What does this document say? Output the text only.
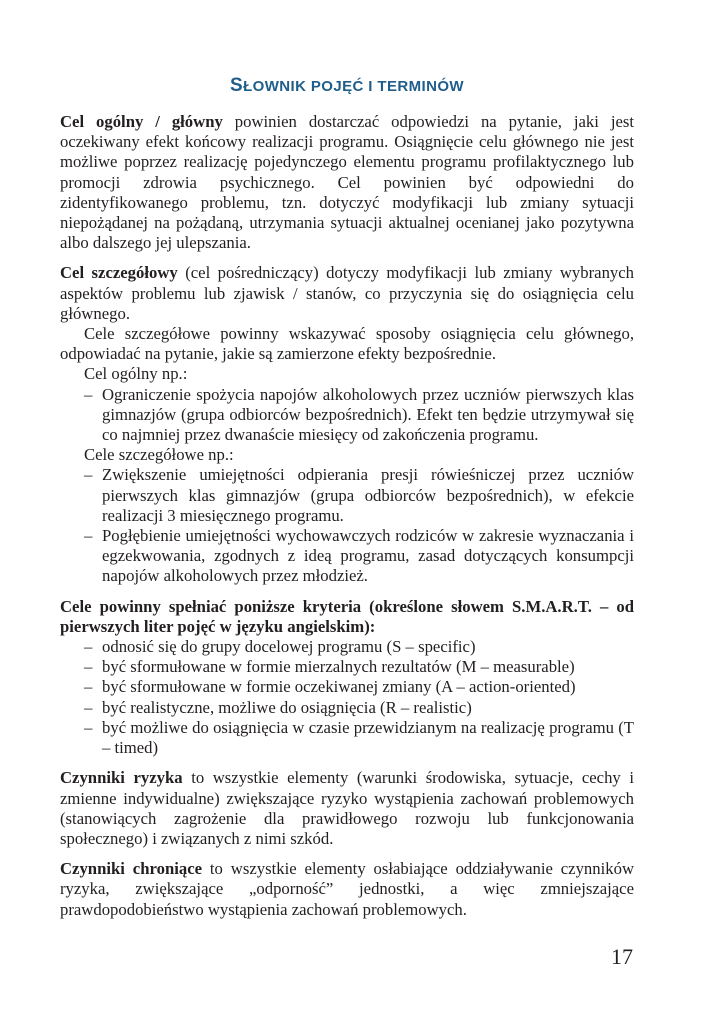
SŁOWNIK POJĘĆ I TERMINÓW

Cel ogólny / główny powinien dostarczać odpowiedzi na pytanie, jaki jest oczekiwany efekt końcowy realizacji programu. Osiągnięcie celu głównego nie jest możliwe poprzez realizację pojedynczego elementu programu profilaktycznego lub promocji zdrowia psychicznego. Cel powinien być odpowiedni do zidentyfikowanego problemu, tzn. dotyczyć modyfikacji lub zmiany sytuacji niepożądanej na pożądaną, utrzymania sytuacji aktualnej ocenianej jako pozytywna albo dalszego jej ulepszania.

Cel szczegółowy (cel pośredniczący) dotyczy modyfikacji lub zmiany wybranych aspektów problemu lub zjawisk / stanów, co przyczynia się do osiągnięcia celu głównego.

Cele szczegółowe powinny wskazywać sposoby osiągnięcia celu głównego, odpowiadać na pytanie, jakie są zamierzone efekty bezpośrednie.

Cel ogólny np.:
– Ograniczenie spożycia napojów alkoholowych przez uczniów pierwszych klas gimnazjów (grupa odbiorców bezpośrednich). Efekt ten będzie utrzymywał się co najmniej przez dwanaście miesięcy od zakończenia programu.
Cele szczegółowe np.:
– Zwiększenie umiejętności odpierania presji rówieśniczej przez uczniów pierwszych klas gimnazjów (grupa odbiorców bezpośrednich), w efekcie realizacji 3 miesięcznego programu.
– Pogłębienie umiejętności wychowawczych rodziców w zakresie wyznaczania i egzekwowania, zgodnych z ideą programu, zasad dotyczących konsumpcji napojów alkoholowych przez młodzież.

Cele powinny spełniać poniższe kryteria (określone słowem S.M.A.R.T. – od pierwszych liter pojęć w języku angielskim):

– odnosić się do grupy docelowej programu (S – specific)
– być sformułowane w formie mierzalnych rezultatów (M – measurable)
– być sformułowane w formie oczekiwanej zmiany (A – action-oriented)
– być realistyczne, możliwe do osiągnięcia (R – realistic)
– być możliwe do osiągnięcia w czasie przewidzianym na realizację programu (T – timed)

Czynniki ryzyka to wszystkie elementy (warunki środowiska, sytuacje, cechy i zmienne indywidualne) zwiększające ryzyko wystąpienia zachowań problemowych (stanowiących zagrożenie dla prawidłowego rozwoju lub funkcjonowania społecznego) i związanych z nimi szkód.

Czynniki chroniące to wszystkie elementy osłabiające oddziaływanie czynników ryzyka, zwiększające „odporność” jednostki, a więc zmniejszające prawdopodobieństwo wystąpienia zachowań problemowych.

17
